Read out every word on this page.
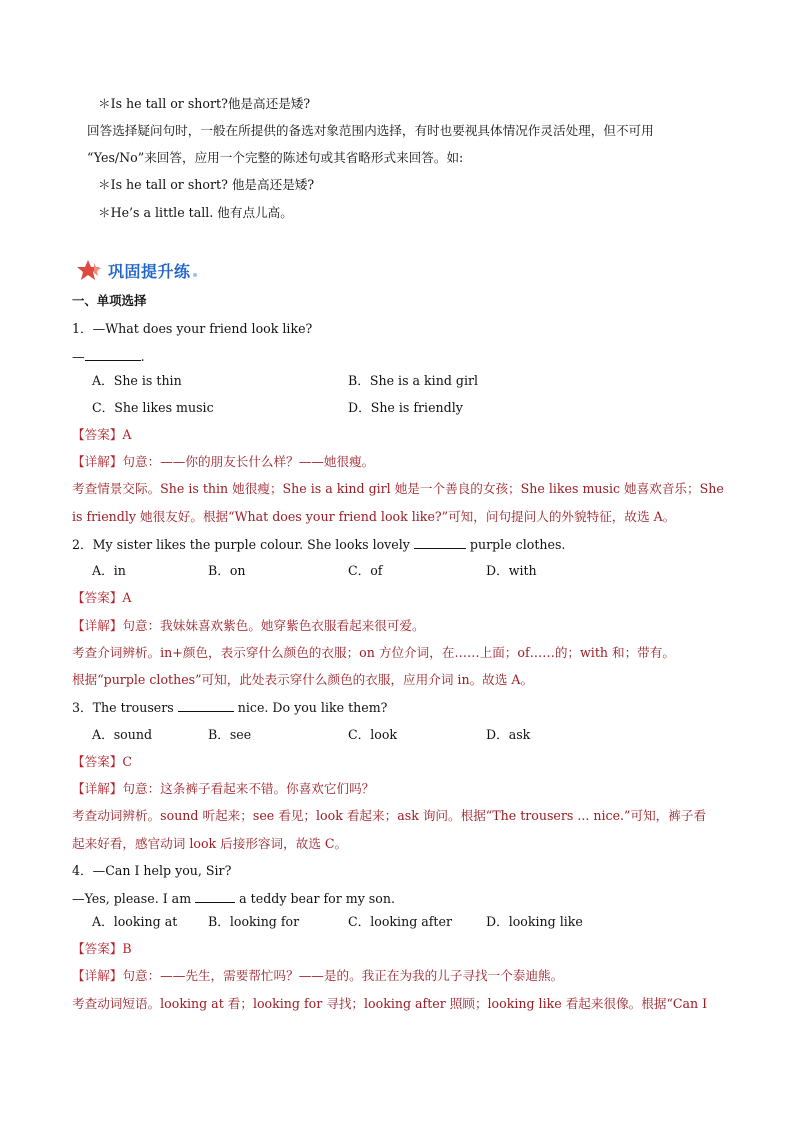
＊Is he tall or short?他是高还是矮?
回答选择疑问句时，一般在所提供的备选对象范围内选择，有时也要视具体情况作灵活处理，但不可用
“Yes/No”来回答，应用一个完整的陈述句或其省略形式来回答。如:
＊Is he tall or short? 他是高还是矮?
＊He’s a little tall. 他有点儿高。
巩固提升练
一、单项选择
1．—What does your friend look like?
—	.
A．She is thin	B．She is a kind girl
C．She likes music	D．She is friendly
【答案】A
【详解】句意：——你的朋友长什么样？——她很瘦。
考查情景交际。She is thin 她很瘦；She is a kind girl 她是一个善良的女孩；She likes music 她喜欢音乐；She
is friendly 她很友好。根据“What does your friend look like?”可知，问句提问人的外貌特征，故选 A。
2．My sister likes the purple colour. She looks lovely	purple clothes.
A．in	B．on	C．of	D．with
【答案】A
【详解】句意：我妹妹喜欢紫色。她穿紫色衣服看起来很可爱。
考查介词辨析。in+颜色，表示穿什么颜色的衣服；on 方位介词，在……上面；of……的；with 和；带有。
根据“purple clothes”可知，此处表示穿什么颜色的衣服，应用介词 in。故选 A。
3．The trousers	nice. Do you like them?
A．sound	B．see	C．look	D．ask
【答案】C
【详解】句意：这条裤子看起来不错。你喜欢它们吗？
考查动词辨析。sound 听起来；see 看见；look 看起来；ask 询问。根据“The trousers ... nice.”可知，裤子看
起来好看，感官动词 look 后接形容词，故选 C。
4．—Can I help you, Sir?
—Yes, please. I am	a teddy bear for my son.
A．looking at B．looking for	C．looking after	D．looking like
【答案】B
【详解】句意：——先生，需要帮忙吗？——是的。我正在为我的儿子寻找一个泰迪熊。
考查动词短语。looking at 看；looking for 寻找；looking after 照顾；looking like 看起来很像。根据“Can I
